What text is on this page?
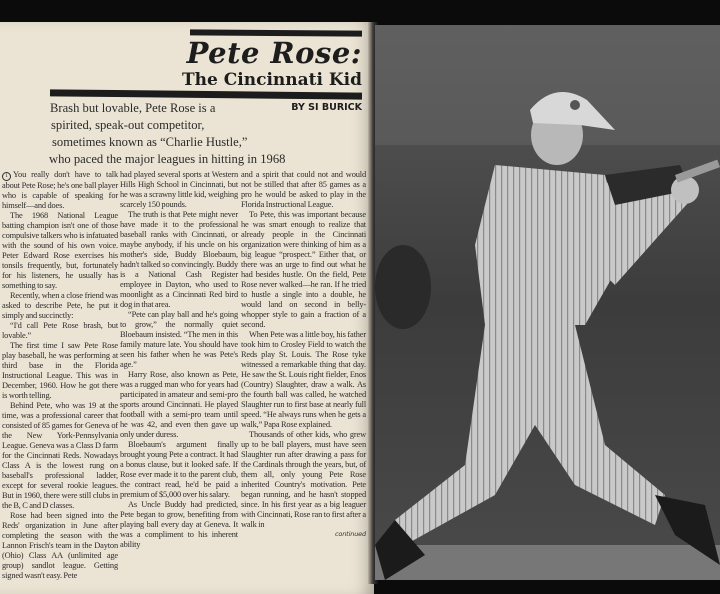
Pete Rose:
The Cincinnati Kid
BY SI BURICK
Brash but lovable, Pete Rose is a
spirited, speak-out competitor,
sometimes known as “Charlie Hustle,”
who paced the major leagues in hitting in 1968

1 You really don't have to talk about Pete Rose; he's one ball player who is capable of speaking for himself—and does.

The 1968 National League batting champion isn't one of those compulsive talkers who is infatuated with the sound of his own voice. Peter Edward Rose exercises his tonsils frequently, but, fortunately for his listeners, he usually has something to say.

Recently, when a close friend was asked to describe Pete, he put it simply and succinctly:

“I'd call Pete Rose brash, but lovable.”

The first time I saw Pete Rose play baseball, he was performing at third base in the Florida Instructional League. This was in December, 1960. How he got there is worth telling.

Behind Pete, who was 19 at the time, was a professional career that consisted of 85 games for Geneva of the New York-Pennsylvania League. Geneva was a Class D farm for the Cincinnati Reds. Nowadays Class A is the lowest rung on baseball's professional ladder, except for several rookie leagues. But in 1960, there were still clubs in the B, C and D classes.

Rose had been signed into the Reds' organization in June after completing the season with the Lannon Frisch's team in the Dayton (Ohio) Class AA (unlimited age group) sandlot league. Getting signed wasn't easy. Pete

had played several sports at Western Hills High School in Cincinnati, but he was a scrawny little kid, weighing scarcely 150 pounds.

The truth is that Pete might never have made it to the professional baseball ranks with Cincinnati, or maybe anybody, if his uncle on his mother's side, Buddy Bloebaum, hadn't talked so convincingly. Buddy is a National Cash Register employee in Dayton, who used to moonlight as a Cincinnati Red bird dog in that area.

“Pete can play ball and he's going to grow,” the normally quiet Bloebaum insisted. “The men in this family mature late. You should have seen his father when he was Pete's age.”

Harry Rose, also known as Pete, was a rugged man who for years had participated in amateur and semi-pro sports around Cincinnati. He played football with a semi-pro team until he was 42, and even then gave up only under duress.

Bloebaum's argument finally brought young Pete a contract. It had a bonus clause, but it looked safe. If Rose ever made it to the parent club, the contract read, he'd be paid a premium of $5,000 over his salary.

As Uncle Buddy had predicted, Pete began to grow, benefiting from playing ball every day at Geneva. It was a compliment to his inherent ability

and a spirit that could not and would not be stilled that after 85 games as a pro he would be asked to play in the Florida Instructional League.

To Pete, this was important because he was smart enough to realize that already people in the Cincinnati organization were thinking of him as a big league “prospect.” Either that, or there was an urge to find out what he had besides hustle. On the field, Pete Rose never walked—he ran. If he tried to hustle a single into a double, he would land on second in belly-whopper style to gain a fraction of a second.

When Pete was a little boy, his father took him to Crosley Field to watch the Reds play St. Louis. The Rose tyke witnessed a remarkable thing that day. He saw the St. Louis right fielder, Enos (Country) Slaughter, draw a walk. As the fourth ball was called, he watched Slaughter run to first base at nearly full speed. “He always runs when he gets a walk,” Papa Rose explained.

Thousands of other kids, who grew up to be ball players, must have seen Slaughter run after drawing a pass for the Cardinals through the years, but, of them all, only young Pete Rose inherited Country's motivation. Pete began running, and he hasn't stopped since. In his first year as a big leaguer with Cincinnati, Rose ran to first after a walk in

continued
